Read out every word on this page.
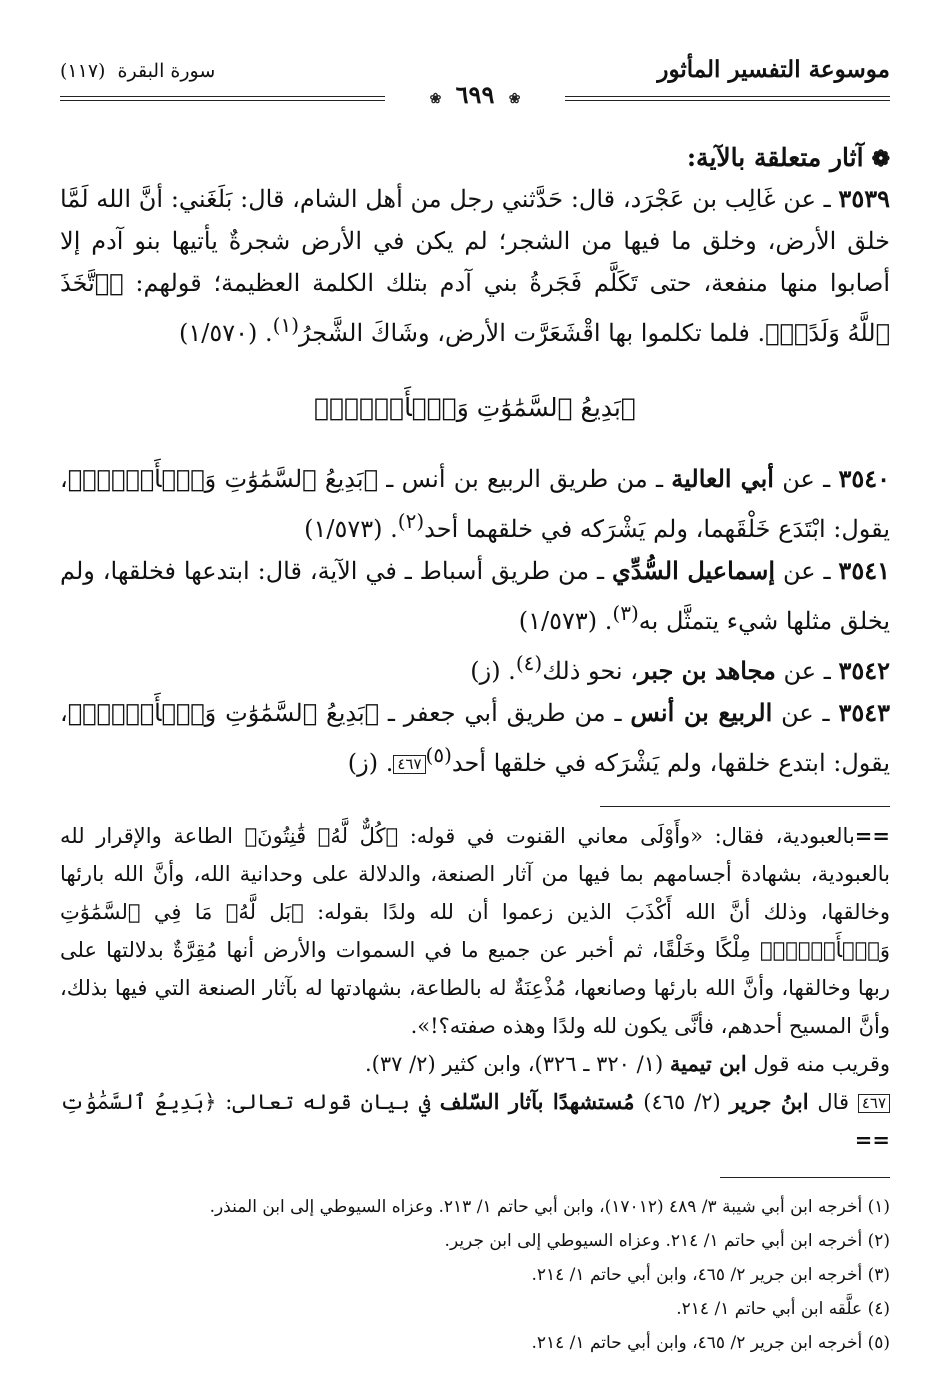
موسوعة التفسير المأثور
سورة البقرة (١١٧)
❀ ٦٩٩ ❀
❁آثار متعلقة بالآية:

٣٥٣٩ ـ عن غَالِب بن عَجْرَد، قال: حَدَّثني رجل من أهل الشام، قال: بَلَغَني: أنَّ الله لَمَّا خلق الأرض، وخلق ما فيها من الشجر؛ لم يكن في الأرض شجرةٌ يأتيها بنو آدم إلا أصابوا منها منفعة، حتى تَكَلَّم فَجَرةُ بني آدم بتلك الكلمة العظيمة؛ قولهم: ﴿ٱتَّخَذَ ٱللَّهُ وَلَدًاۗ﴾. فلما تكلموا بها اقْشَعَرَّت الأرض، وشَاكَ الشَّجرُ$^{(١)}$. (١/٥٧٠)

﴿بَدِيعُ ٱلسَّمَٰوَٰتِ وَٱلۡأَرۡضِۖ﴾

٣٥٤٠ ـ عن أبي العالية ـ من طريق الربيع بن أنس ـ ﴿بَدِيعُ ٱلسَّمَٰوَٰتِ وَٱلۡأَرۡضِۖ﴾، يقول: ابْتَدَع خَلْقَهما، ولم يَشْرَكه في خلقهما أحد$^{(٢)}$. (١/٥٧٣)

٣٥٤١ ـ عن إسماعيل السُّدِّي ـ من طريق أسباط ـ في الآية، قال: ابتدعها فخلقها، ولم يخلق مثلها شيء يتمثَّل به$^{(٣)}$. (١/٥٧٣)

٣٥٤٢ ـ عن مجاهد بن جبر، نحو ذلك$^{(٤)}$. (ز)

٣٥٤٣ ـ عن الربيع بن أنس ـ من طريق أبي جعفر ـ ﴿بَدِيعُ ٱلسَّمَٰوَٰتِ وَٱلۡأَرۡضِۖ﴾، يقول: ابتدع خلقها، ولم يَشْرَكه في خلقها أحد$^{(٥)}$٤٦٧. (ز)

==بالعبودية، فقال: «وأَوْلَى معاني القنوت في قوله: ﴿كُلٌّ لَّهُۥ قَٰنِتُونَ﴾ الطاعة والإقرار لله بالعبودية، بشهادة أجسامهم بما فيها من آثار الصنعة، والدلالة على وحدانية الله، وأنَّ الله بارئها وخالقها، وذلك أنَّ الله أَكْذَبَ الذين زعموا أن لله ولدًا بقوله: ﴿بَل لَّهُۥ مَا فِي ٱلسَّمَٰوَٰتِ وَٱلۡأَرۡضِۖ﴾ مِلْكًا وخَلْقًا، ثم أخبر عن جميع ما في السموات والأرض أنها مُقِرَّةٌ بدلالتها على ربها وخالقها، وأنَّ الله بارئها وصانعها، مُذْعِنَةٌ له بالطاعة، بشهادتها له بآثار الصنعة التي فيها بذلك، وأنَّ المسيح أحدهم، فأنَّى يكون لله ولدًا وهذه صفته؟!».

وقريب منه قول ابن تيمية (١/ ٣٢٠ ـ ٣٢٦)، وابن كثير (٢/ ٣٧).

٤٦٧ قال ابنُ جرير (٢/ ٤٦٥) مُستشهدًا بآثار السّلف في بيان قوله تعالى: ﴿بَدِيعُ ٱلسَّمَٰوَٰتِ ==

(١) أخرجه ابن أبي شيبة ٣/ ٤٨٩ (١٧٠١٢)، وابن أبي حاتم ١/ ٢١٣. وعزاه السيوطي إلى ابن المنذر.
(٢) أخرجه ابن أبي حاتم ١/ ٢١٤. وعزاه السيوطي إلى ابن جرير.
(٣) أخرجه ابن جرير ٢/ ٤٦٥، وابن أبي حاتم ١/ ٢١٤.
(٤) علَّقه ابن أبي حاتم ١/ ٢١٤.
(٥) أخرجه ابن جرير ٢/ ٤٦٥، وابن أبي حاتم ١/ ٢١٤.
